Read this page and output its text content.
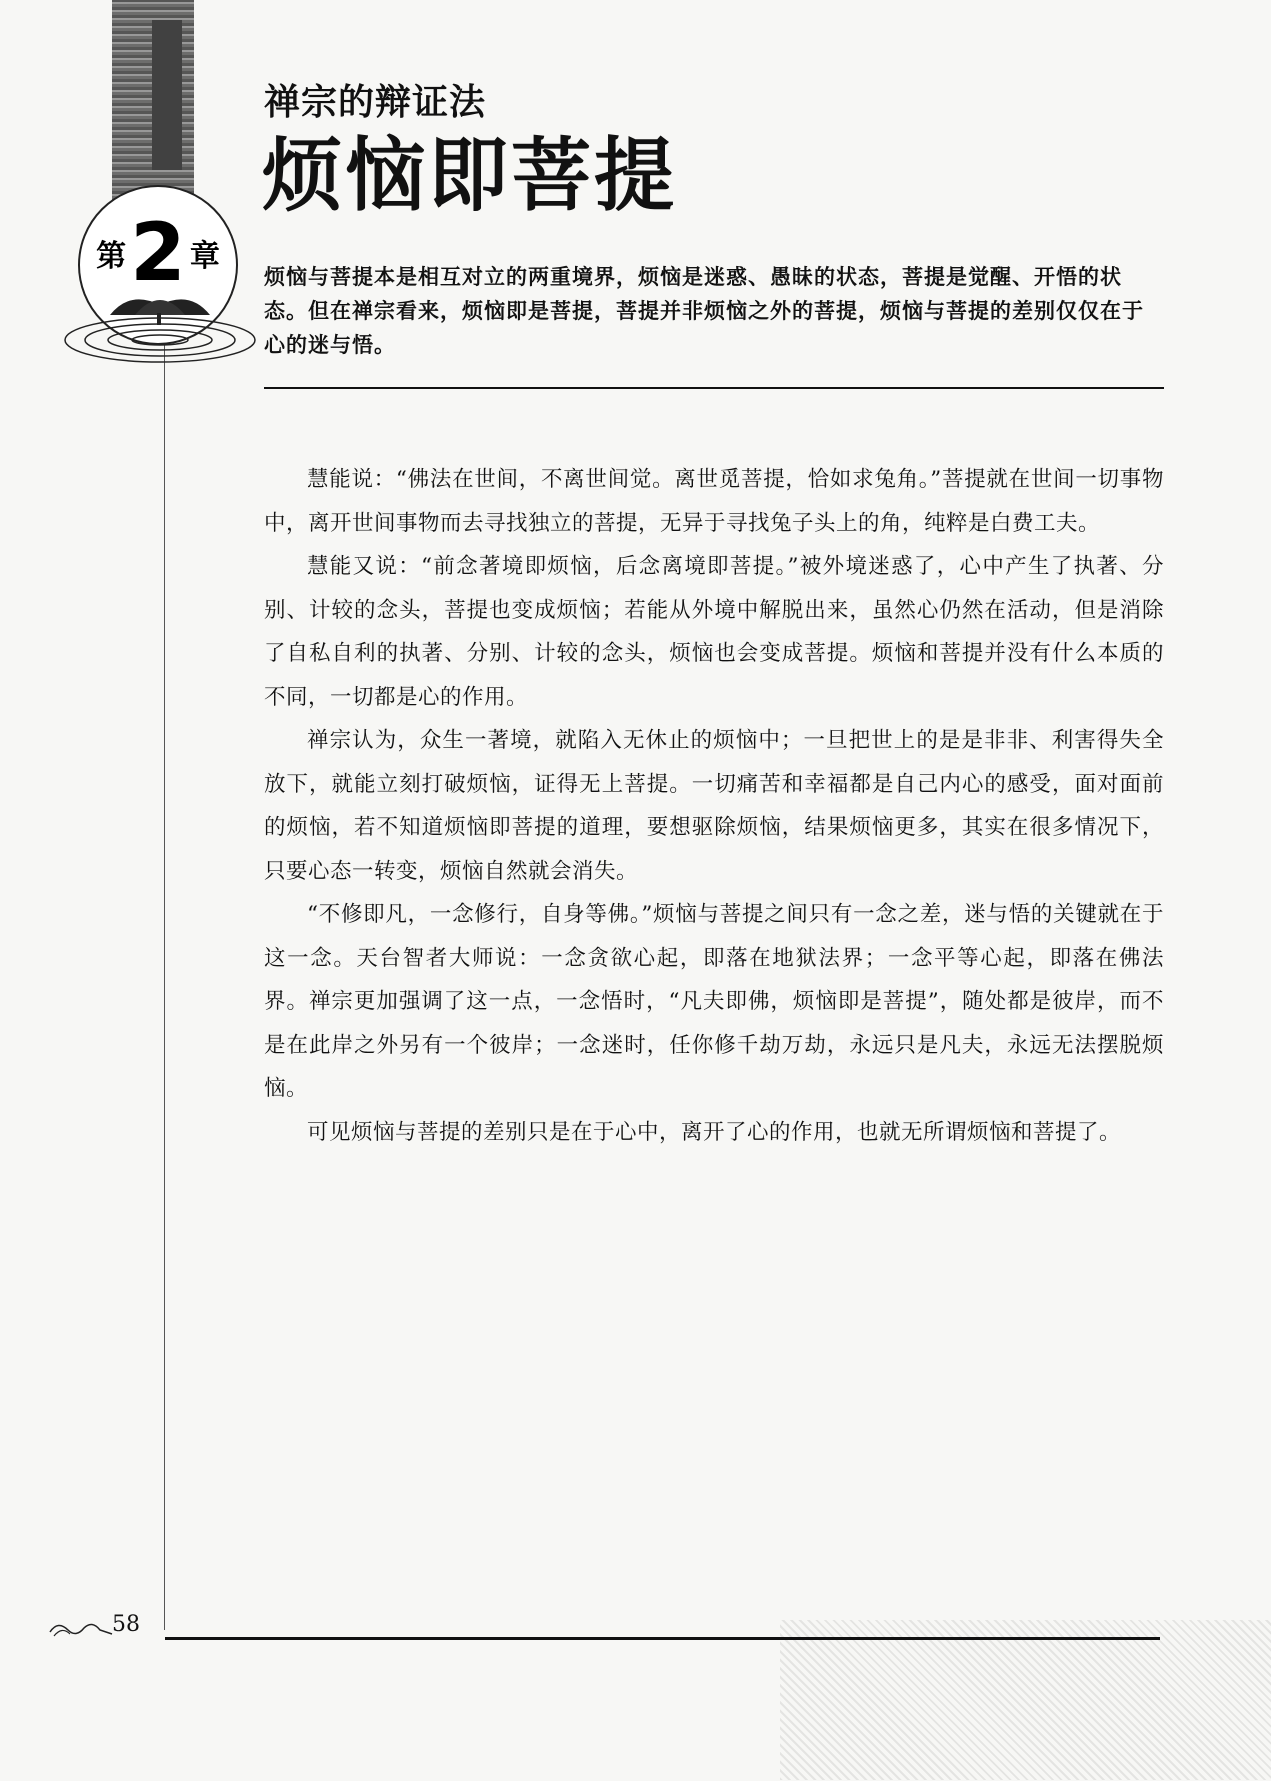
第2 章
禅宗的辩证法
烦恼即菩提
烦恼与菩提本是相互对立的两重境界，烦恼是迷惑、愚昧的状态，菩提是觉醒、开悟的状态。但在禅宗看来，烦恼即是菩提，菩提并非烦恼之外的菩提，烦恼与菩提的差别仅仅在于心的迷与悟。

慧能说：“佛法在世间，不离世间觉。离世觅菩提，恰如求兔角。”菩提就在世间一切事物中，离开世间事物而去寻找独立的菩提，无异于寻找兔子头上的角，纯粹是白费工夫。

慧能又说：“前念著境即烦恼，后念离境即菩提。”被外境迷惑了，心中产生了执著、分别、计较的念头，菩提也变成烦恼；若能从外境中解脱出来，虽然心仍然在活动，但是消除了自私自利的执著、分别、计较的念头，烦恼也会变成菩提。烦恼和菩提并没有什么本质的不同，一切都是心的作用。

禅宗认为，众生一著境，就陷入无休止的烦恼中；一旦把世上的是是非非、利害得失全放下，就能立刻打破烦恼，证得无上菩提。一切痛苦和幸福都是自己内心的感受，面对面前的烦恼，若不知道烦恼即菩提的道理，要想驱除烦恼，结果烦恼更多，其实在很多情况下，只要心态一转变，烦恼自然就会消失。

“不修即凡，一念修行，自身等佛。”烦恼与菩提之间只有一念之差，迷与悟的关键就在于这一念。天台智者大师说：一念贪欲心起，即落在地狱法界；一念平等心起，即落在佛法界。禅宗更加强调了这一点，一念悟时，“凡夫即佛，烦恼即是菩提”，随处都是彼岸，而不是在此岸之外另有一个彼岸；一念迷时，任你修千劫万劫，永远只是凡夫，永远无法摆脱烦恼。

可见烦恼与菩提的差别只是在于心中，离开了心的作用，也就无所谓烦恼和菩提了。

58
